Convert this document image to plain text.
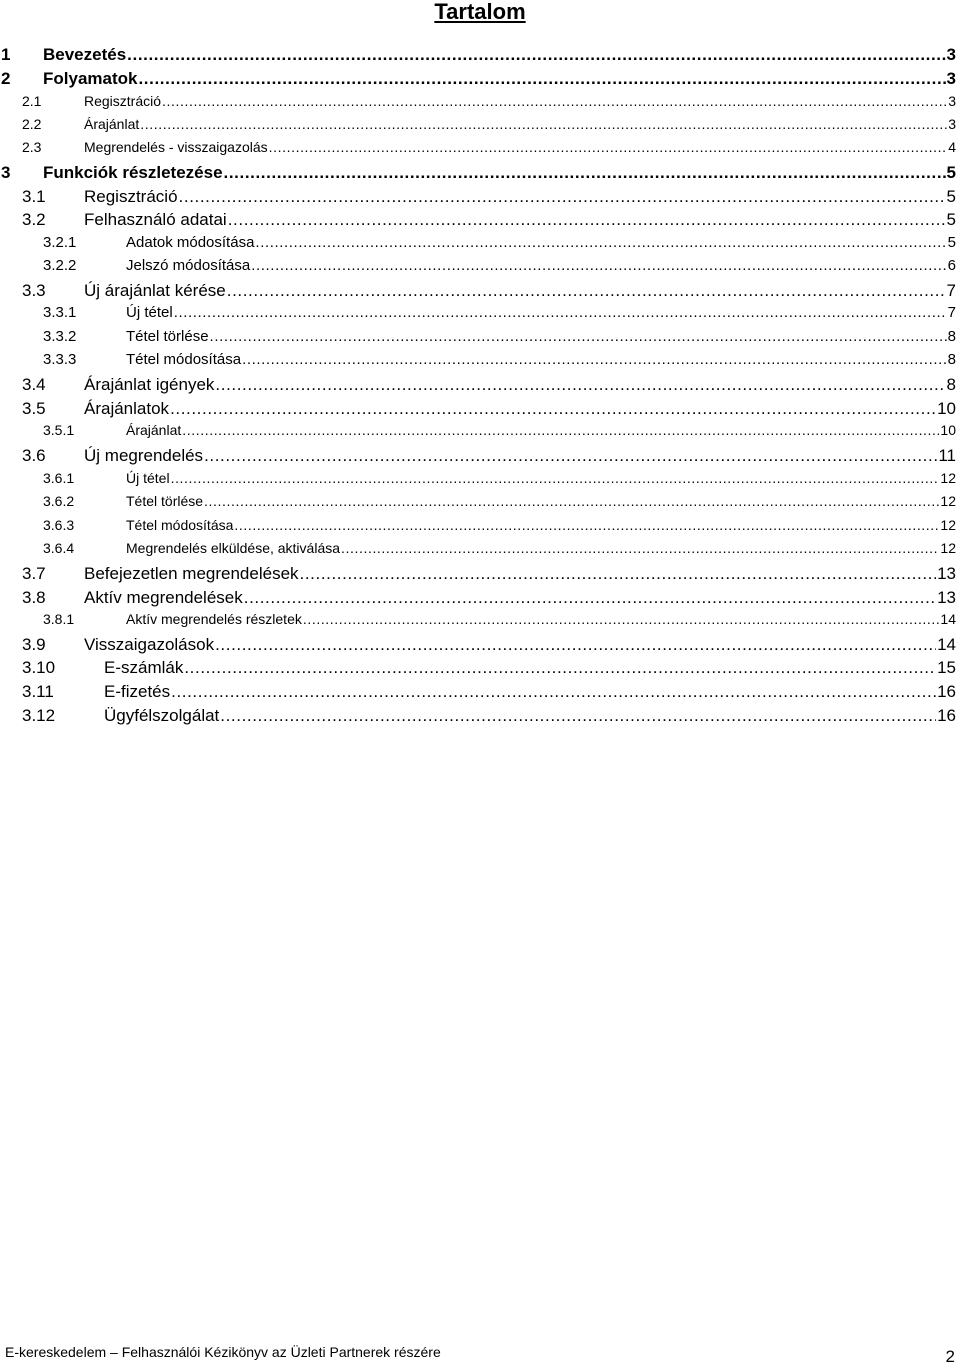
Tartalom
1 Bevezetés .....	3
2 Folyamatok .....	3
2.1	Regisztráció .....	3
2.2	Árajánlat .....	3
2.3	Megrendelés - visszaigazolás .....	4
3 Funkciók részletezése .....	5
3.1 Regisztráció .....	5
3.2 Felhasználó adatai .....	5
3.2.1	Adatok módosítása .....	5
3.2.2	Jelszó módosítása .....	6
3.3 Új árajánlat kérése .....	7
3.3.1	Új tétel .....	7
3.3.2	Tétel törlése .....	8
3.3.3	Tétel módosítása .....	8
3.4 Árajánlat igények .....	8
3.5 Árajánlatok .....	10
3.5.1	Árajánlat .....	10
3.6 Új megrendelés .....	11
3.6.1	Új tétel .....	12
3.6.2	Tétel törlése .....	12
3.6.3	Tétel módosítása .....	12
3.6.4	Megrendelés elküldése, aktiválása .....	12
3.7 Befejezetlen megrendelések .....	13
3.8 Aktív megrendelések .....	13
3.8.1	Aktív megrendelés részletek .....	14
3.9 Visszaigazolások .....	14
3.10	E-számlák .....	15
3.11	E-fizetés .....	16
3.12	Ügyfélszolgálat .....	16
E-kereskedelem – Felhasználói Kézikönyv az Üzleti Partnerek részére	2
